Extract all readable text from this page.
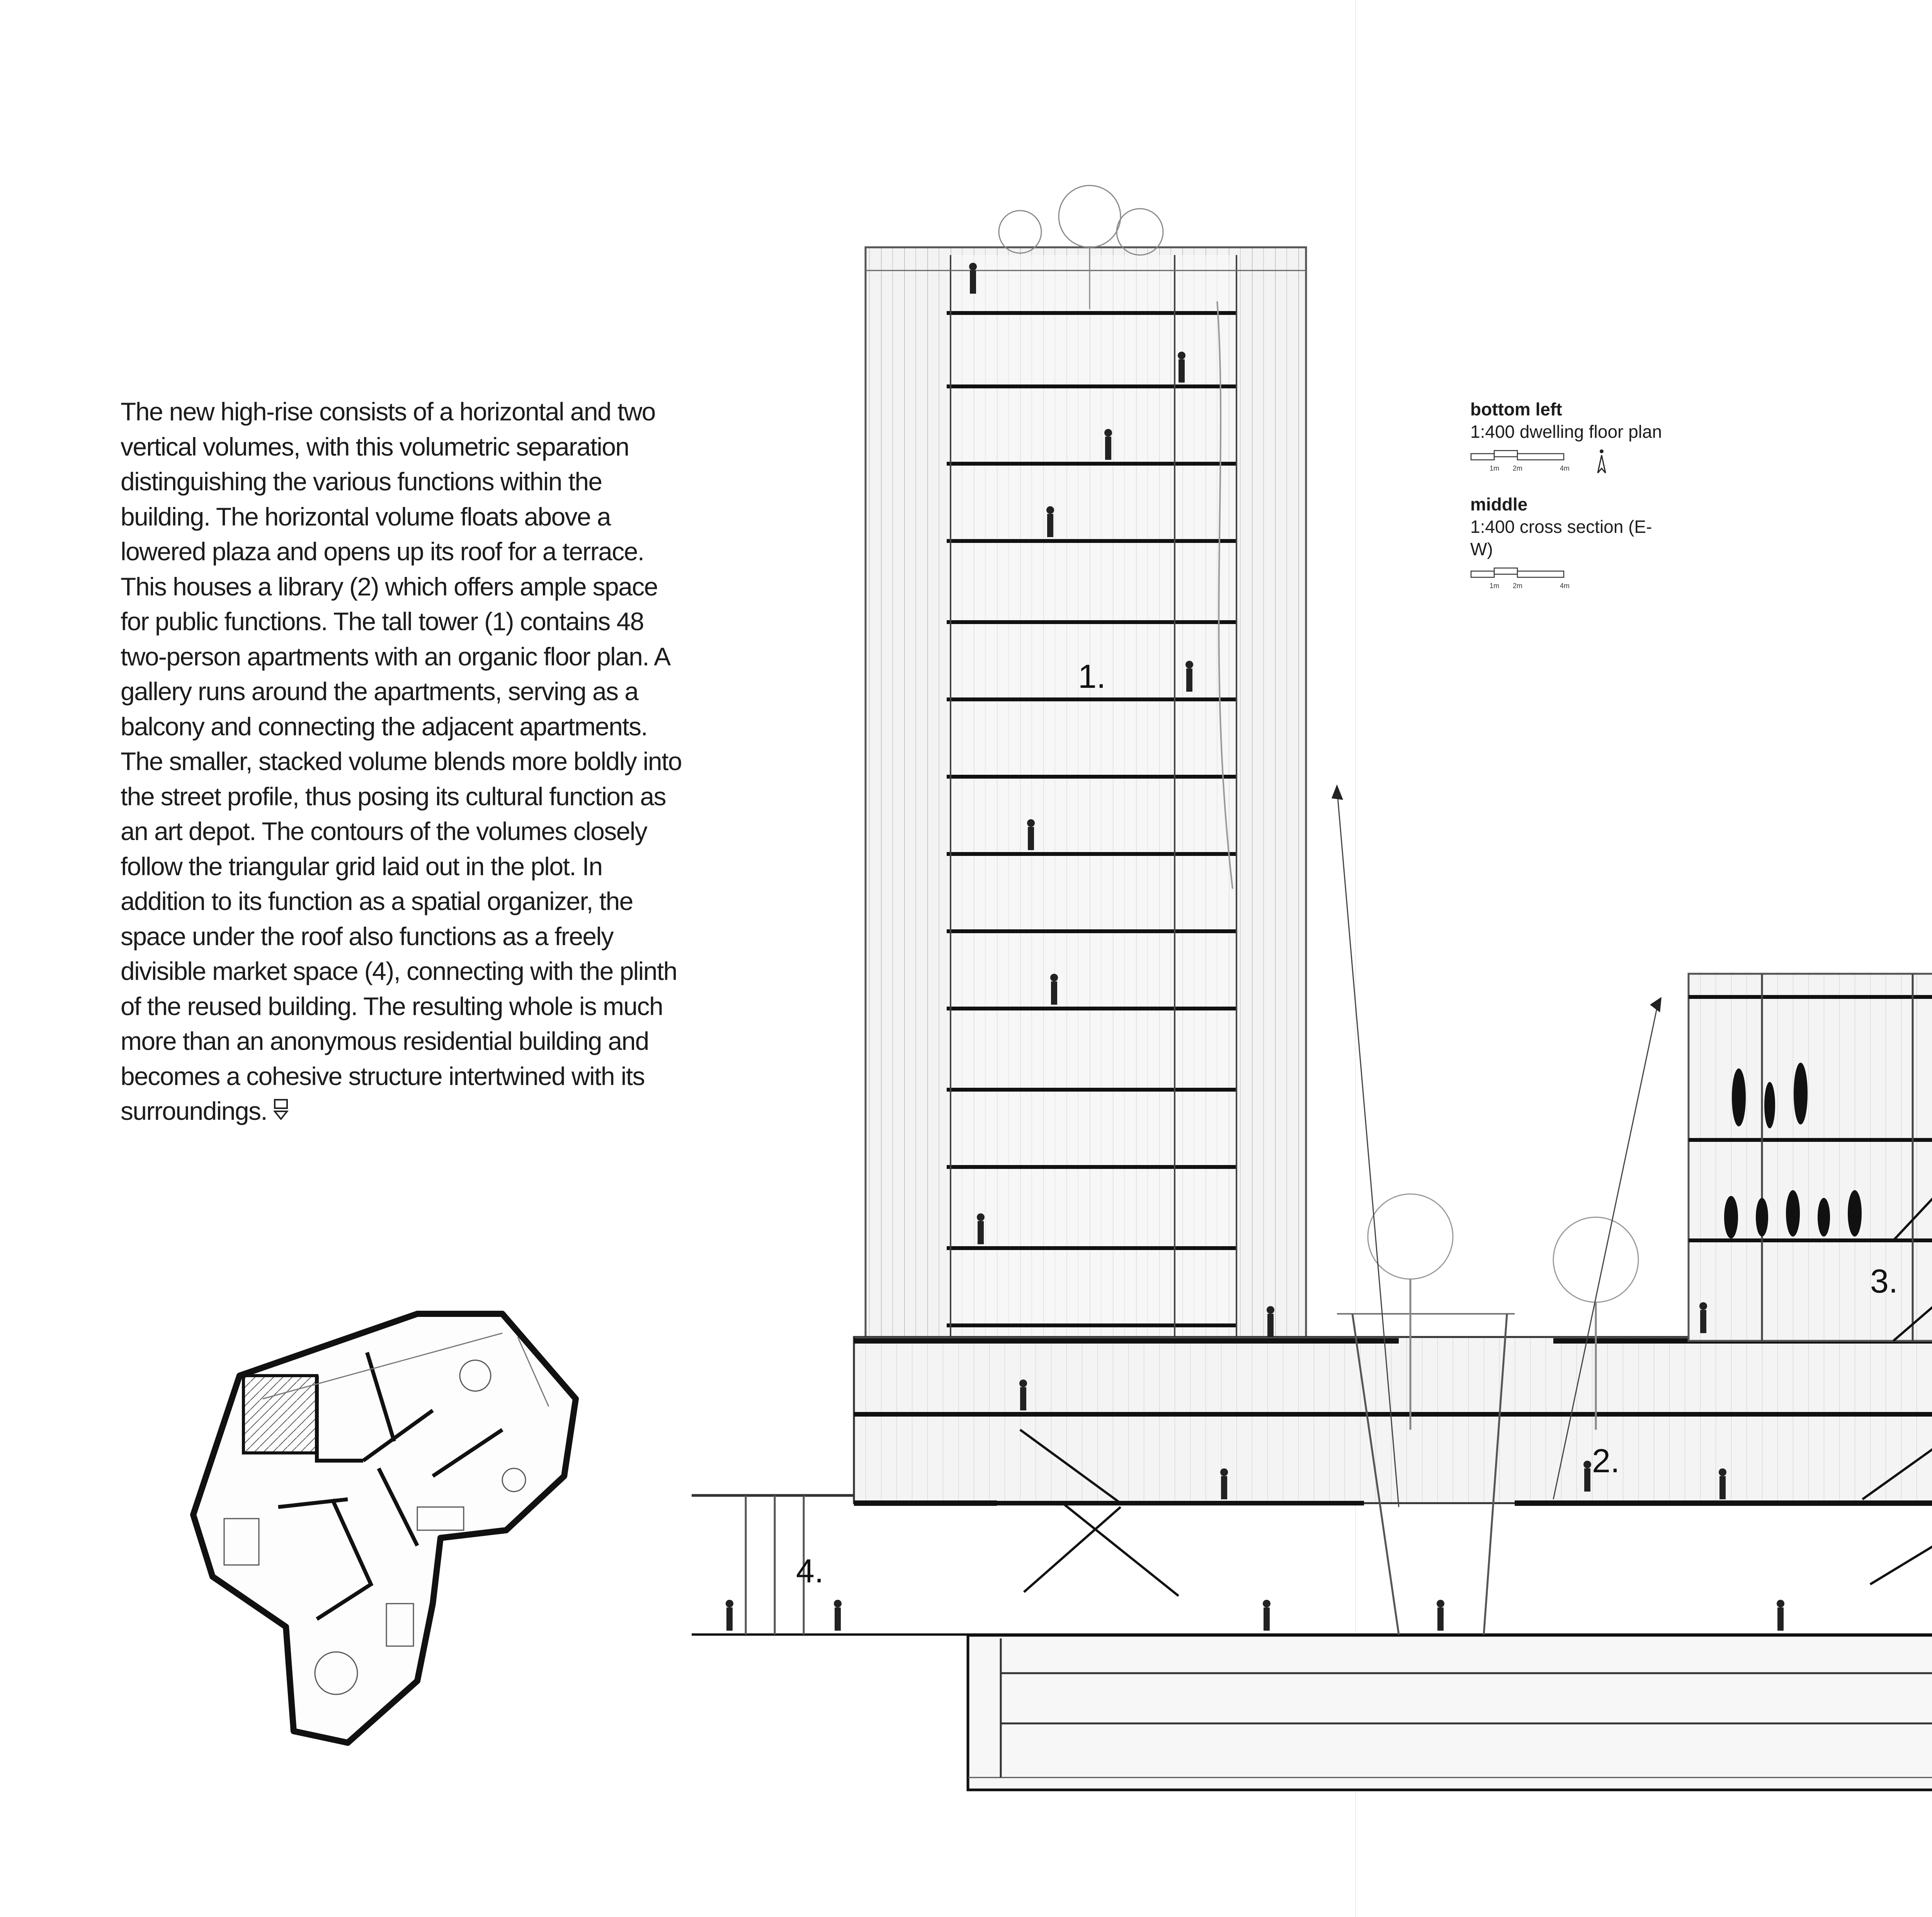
The new high-rise consists of a horizontal and two vertical volumes, with this volumetric separation distinguishing the various functions within the building. The horizontal volume floats above a lowered plaza and opens up its roof for a terrace. This houses a library (2) which offers ample space for public functions. The tall tower (1) contains 48 two-person apartments with an organic floor plan. A gallery runs around the apartments, serving as a balcony and connecting the adjacent apartments. The smaller, stacked volume blends more boldly into the street profile, thus posing its cultural function as an art depot. The contours of the volumes closely follow the triangular grid laid out in the plot. In addition to its function as a spatial organizer, the space under the roof also functions as a freely divisible market space (4), connecting with the plinth of the reused building. The resulting whole is much more than an anonymous residential building and becomes a cohesive structure intertwined with its surroundings.

bottom left
1:400 dwelling floor plan
1m 2m	4m
middle
1:400 cross section (E-W)
1m 2m	4m
1.
2.
3.
4.
